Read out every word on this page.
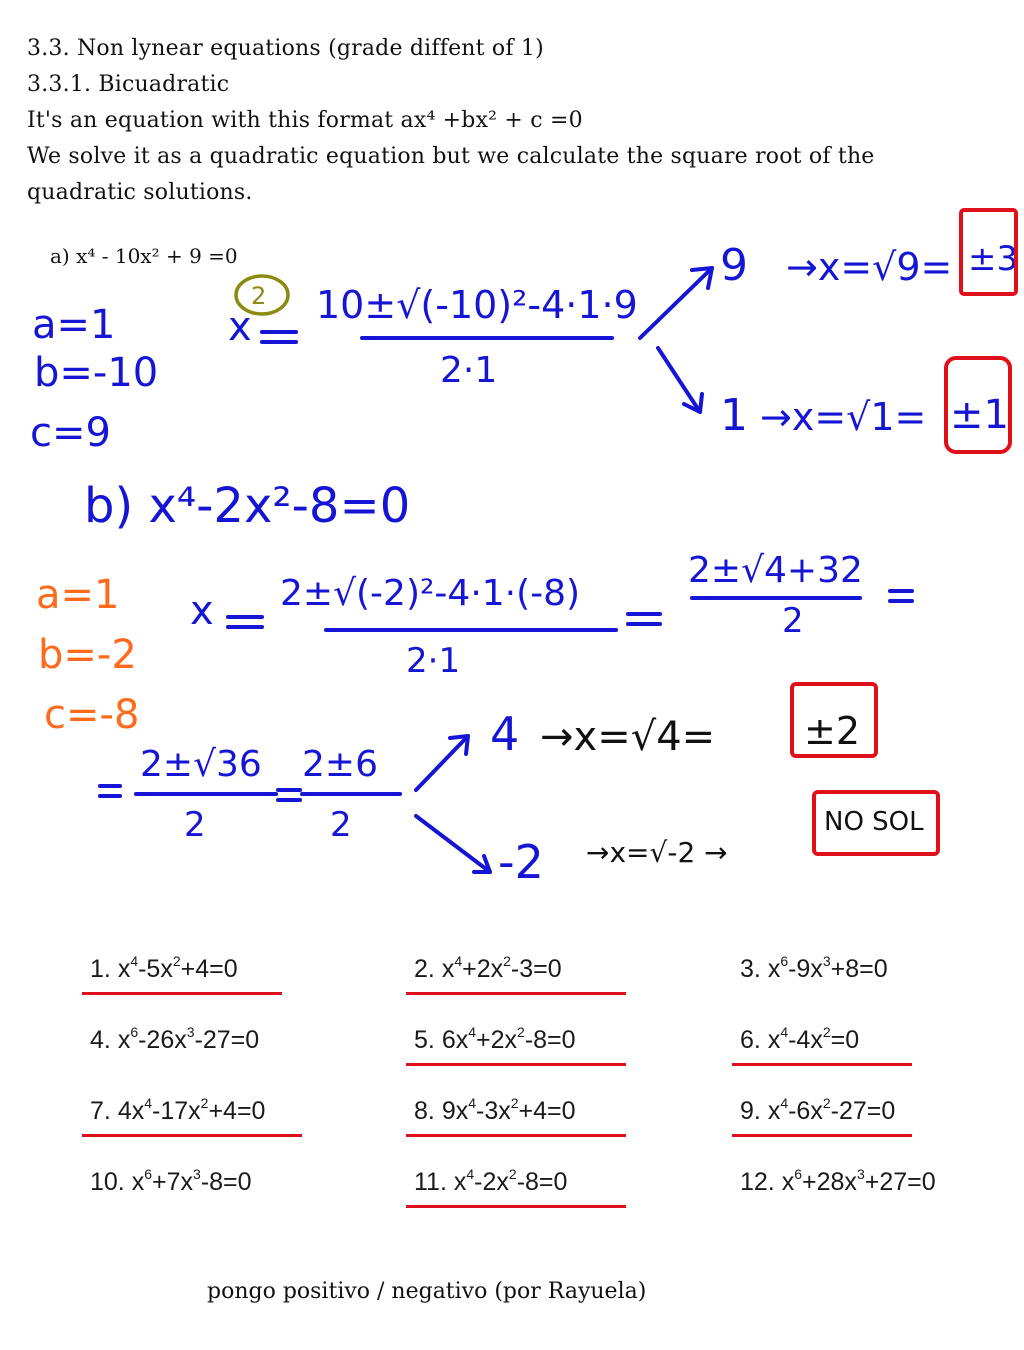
3.3. Non lynear equations (grade diffent of 1)
3.3.1. Bicuadratic
It's an equation with this format ax⁴ +bx² + c =0
We solve it as a quadratic equation but we calculate the square root of the
quadratic solutions.
a) x⁴ - 10x² + 9 =0
a=1
b=-10
c=9
2
x 10±√(-10)²-4·1·9
2·1
9 →x=√9= ±3
1 →x=√1= ±1
b) x⁴-2x²-8=0
a=1
b=-2
c=-8
x 2±√(-2)²-4·1·(-8)
2·1
2±√4+32
2
2±√36
2
2±6
2
4
-2
→x=√4= ±2
→x=√-2 →
NO SOL
1. $x^4-5x^2+4=0$	2. $x^4+2x^2-3=0$	3. $x^6-9x^3+8=0$
4. $x^6-26x^3-27=0$	5. $6x^4+2x^2-8=0$	6. $x^4-4x^2=0$
7. $4x^4-17x^2+4=0$	8. $9x^4-3x^2+4=0$	9. $x^4-6x^2-27=0$
10. $x^6+7x^3-8=0$	11. $x^4-2x^2-8=0$	12. $x^6+28x^3+27=0$
pongo positivo / negativo (por Rayuela)
